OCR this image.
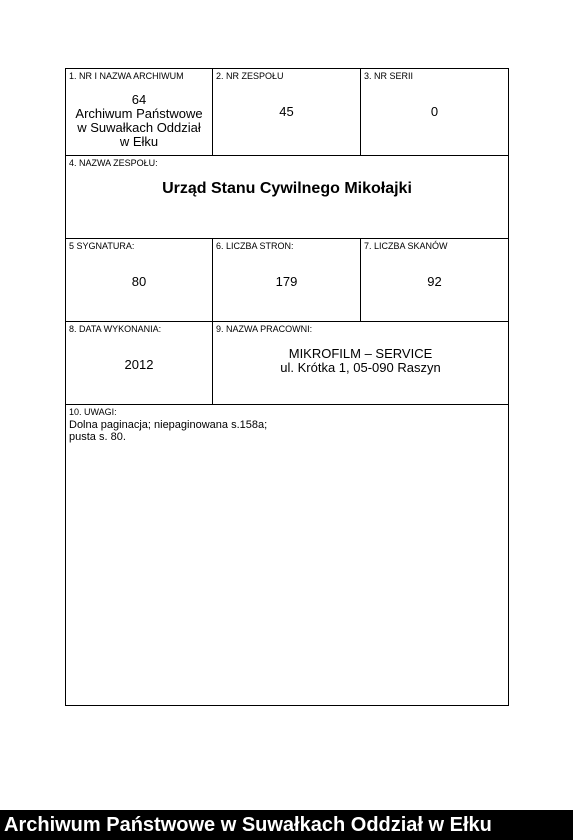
1. NR I NAZWA ARCHIWUM
64
Archiwum Państwowe
w Suwałkach Oddział
w Ełku
2. NR ZESPOŁU
45
3. NR SERII
0
4. NAZWA ZESPOŁU:
Urząd Stanu Cywilnego Mikołajki
5 SYGNATURA:
80
6. LICZBA STRON:
179
7. LICZBA SKANÓW
92
8. DATA WYKONANIA:
2012
9. NAZWA PRACOWNI:
MIKROFILM – SERVICE
ul. Krótka 1, 05-090 Raszyn
10. UWAGI:
Dolna paginacja; niepaginowana s.158a;
pusta s. 80.
Archiwum Państwowe w Suwałkach Oddział w Ełku
